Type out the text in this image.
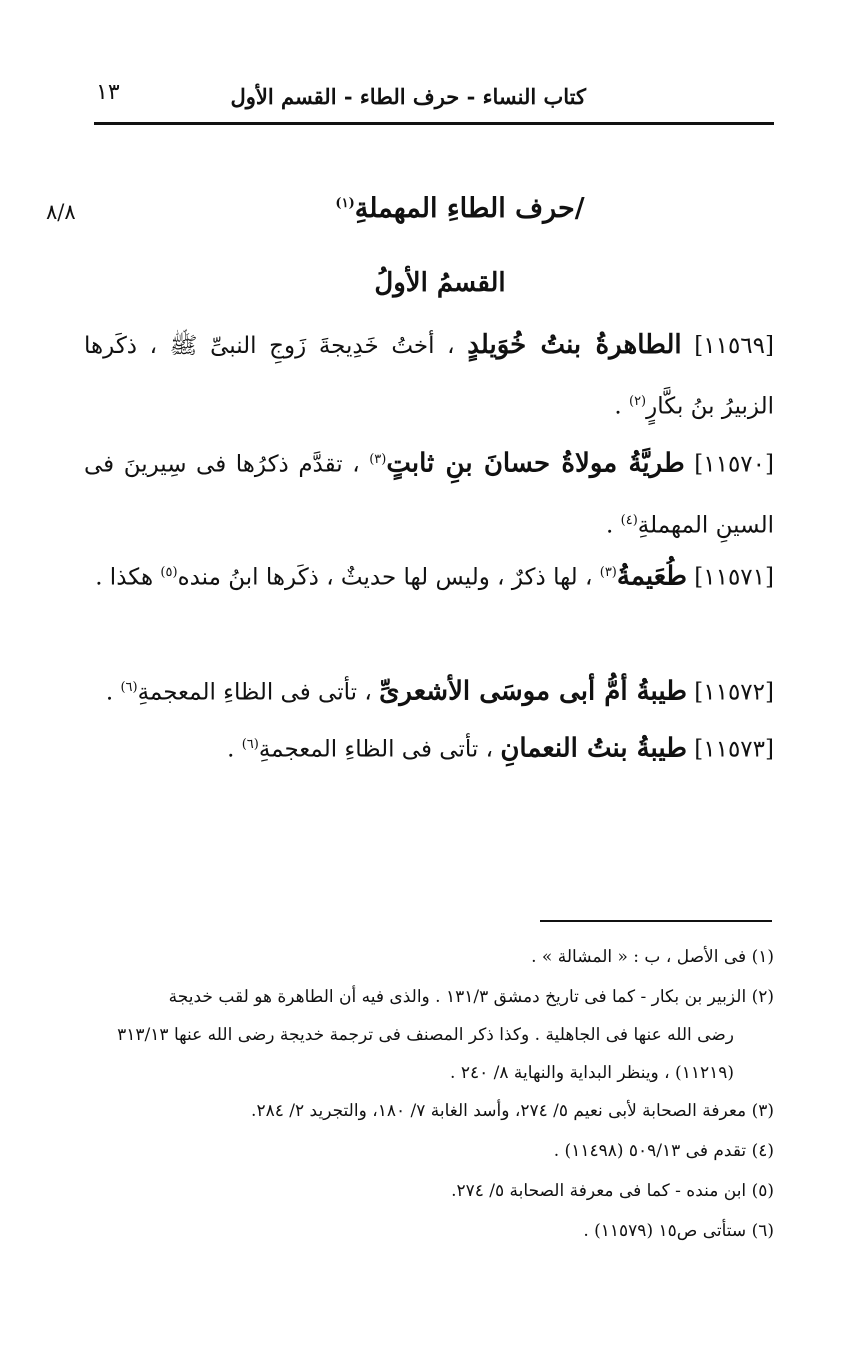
كتاب النساء - حرف الطاء - القسم الأول
١٣
٨/٨	/حرف الطاءِ المهملةِ$^{(١)}$
القسمُ الأولُ
[١١٥٦٩] الطاهرةُ بنتُ خُوَيلدٍ ، أختُ خَدِيجةَ زَوجِ النبىِّ ﷺ ، ذكَرها الزبيرُ بنُ بكَّارٍ$^{(٢)}$ .
[١١٥٧٠] طريَّةُ مولاةُ حسانَ بنِ ثابتٍ$^{(٣)}$ ، تقدَّم ذكرُها فى سِيرينَ فى السينِ المهملةِ$^{(٤)}$ .
[١١٥٧١] طُعَيمةُ$^{(٣)}$ ، لها ذكرٌ ، وليس لها حديثٌ ، ذكَرها ابنُ منده$^{(٥)}$ هكذا .
[١١٥٧٢] طيبةُ أمُّ أبى موسَى الأشعرىِّ ، تأتى فى الظاءِ المعجمةِ$^{(٦)}$ .
[١١٥٧٣] طيبةُ بنتُ النعمانِ ، تأتى فى الظاءِ المعجمةِ$^{(٦)}$ .
(١) فى الأصل ، ب : « المشالة » .
(٢) الزبير بن بكار - كما فى تاريخ دمشق ١٣١/٣ . والذى فيه أن الطاهرة هو لقب خديجة
رضى الله عنها فى الجاهلية . وكذا ذكر المصنف فى ترجمة خديجة رضى الله عنها ٣١٣/١٣
(١١٢١٩) ، وينظر البداية والنهاية ٨/ ٢٤٠ .
(٣) معرفة الصحابة لأبى نعيم ٥/ ٢٧٤، وأسد الغابة ٧/ ١٨٠، والتجريد ٢/ ٢٨٤.
(٤) تقدم فى ٥٠٩/١٣ (١١٤٩٨) .
(٥) ابن منده - كما فى معرفة الصحابة ٥/ ٢٧٤.
(٦) ستأتى ص١٥ (١١٥٧٩) .
